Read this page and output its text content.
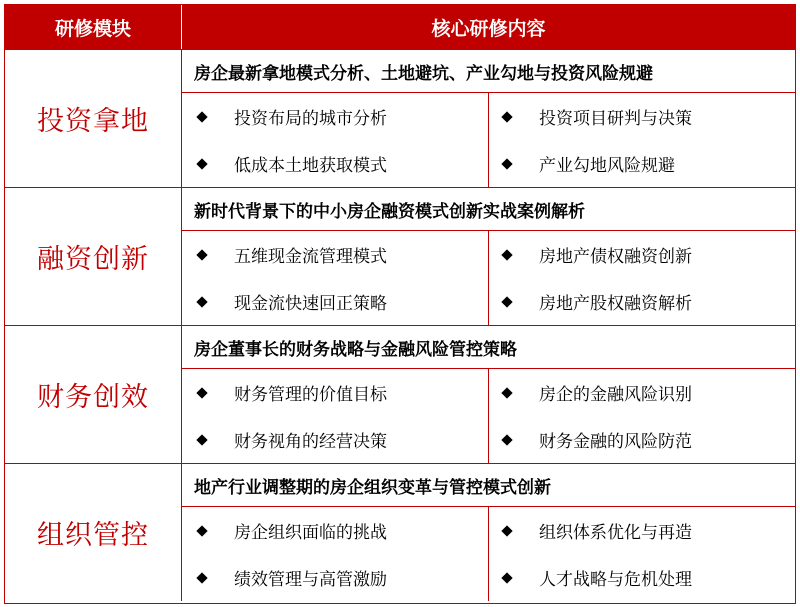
研修模块	核心研修内容
投资拿地
房企最新拿地模式分析、土地避坑、产业勾地与投资风险规避
投资布局的城市分析
低成本土地获取模式
投资项目研判与决策
产业勾地风险规避
融资创新
新时代背景下的中小房企融资模式创新实战案例解析
五维现金流管理模式
现金流快速回正策略
房地产债权融资创新
房地产股权融资解析
财务创效
房企董事长的财务战略与金融风险管控策略
财务管理的价值目标
财务视角的经营决策
房企的金融风险识别
财务金融的风险防范
组织管控
地产行业调整期的房企组织变革与管控模式创新
房企组织面临的挑战
绩效管理与高管激励
组织体系优化与再造
人才战略与危机处理
